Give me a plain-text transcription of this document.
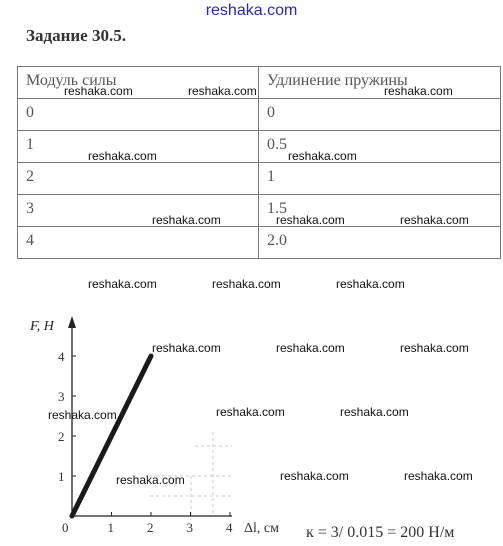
reshaka.com
Задание 30.5.
Модуль силы	Удлинение пружины
0	0
1	0.5
2	1
3	1.5
4	2.0
F, Н
Δl, см
0	1	2	3	4
1
2
3
4
к = 3/ 0.015 = 200 Н/м
reshaka.com	reshaka.com	reshaka.com
reshaka.com	reshaka.com
reshaka.com	reshaka.com	reshaka.com
reshaka.com	reshaka.com	reshaka.com
reshaka.com	reshaka.com	reshaka.com
reshaka.com	reshaka.com	reshaka.com
reshaka.com	reshaka.com	reshaka.com
